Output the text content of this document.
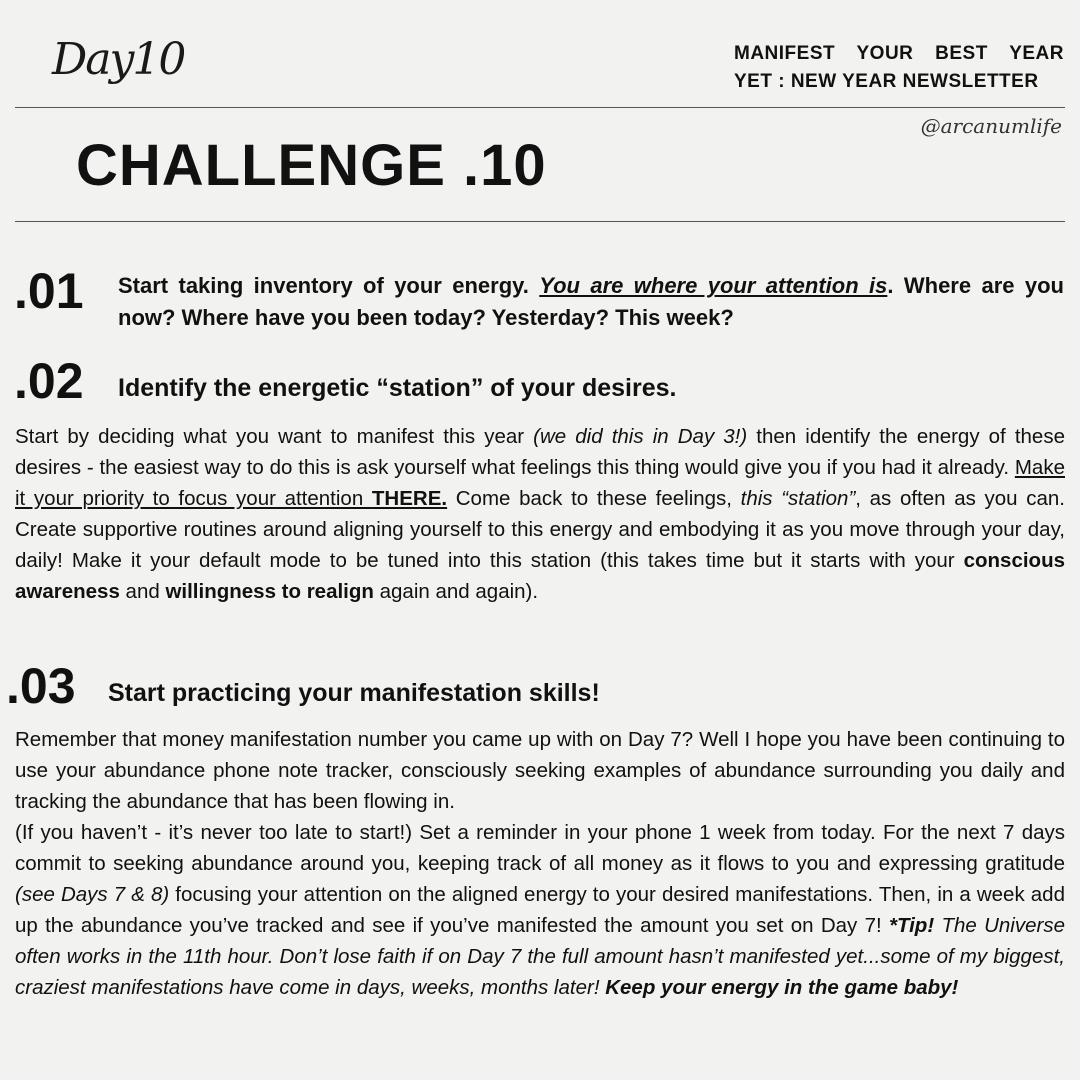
Day10	MANIFEST YOUR BEST YEAR
YET : NEW YEAR NEWSLETTER
@arcanumlife
CHALLENGE .10
.01 Start taking inventory of your energy. You are where your attention is. Where are you now? Where have you been today? Yesterday? This week?
.02 Identify the energetic “station” of your desires.
Start by deciding what you want to manifest this year (we did this in Day 3!) then identify the energy of these desires - the easiest way to do this is ask yourself what feelings this thing would give you if you had it already. Make it your priority to focus your attention THERE. Come back to these feelings, this “station”, as often as you can. Create supportive routines around aligning yourself to this energy and embodying it as you move through your day, daily! Make it your default mode to be tuned into this station (this takes time but it starts with your conscious awareness and willingness to realign again and again).
.03 Start practicing your manifestation skills!
Remember that money manifestation number you came up with on Day 7? Well I hope you have been continuing to use your abundance phone note tracker, consciously seeking examples of abundance surrounding you daily and tracking the abundance that has been flowing in.
(If you haven’t - it’s never too late to start!) Set a reminder in your phone 1 week from today. For the next 7 days commit to seeking abundance around you, keeping track of all money as it flows to you and expressing gratitude (see Days 7 & 8) focusing your attention on the aligned energy to your desired manifestations. Then, in a week add up the abundance you’ve tracked and see if you’ve manifested the amount you set on Day 7! *Tip! The Universe often works in the 11th hour. Don’t lose faith if on Day 7 the full amount hasn’t manifested yet...some of my biggest, craziest manifestations have come in days, weeks, months later! Keep your energy in the game baby!
